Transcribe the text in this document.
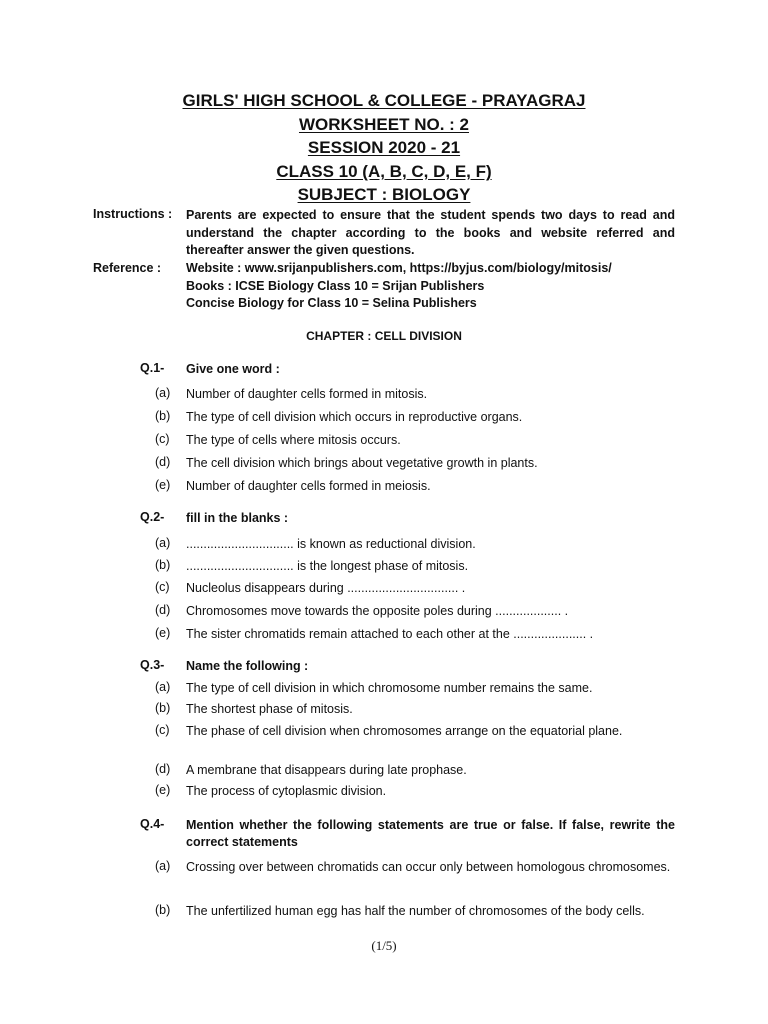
GIRLS' HIGH SCHOOL & COLLEGE - PRAYAGRAJ
WORKSHEET NO. : 2
SESSION 2020 - 21
CLASS 10 (A, B, C, D, E, F)
SUBJECT : BIOLOGY
Instructions : Parents are expected to ensure that the student spends two days to read and understand the chapter according to the books and website referred and thereafter answer the given questions.
Reference : Website : www.srijanpublishers.com, https://byjus.com/biology/mitosis/
Books : ICSE Biology Class 10 = Srijan Publishers
Concise Biology for Class 10 = Selina Publishers
CHAPTER : CELL DIVISION
Q.1- Give one word :
(a) Number of daughter cells formed in mitosis.
(b) The type of cell division which occurs in reproductive organs.
(c) The type of cells where mitosis occurs.
(d) The cell division which brings about vegetative growth in plants.
(e) Number of daughter cells formed in meiosis.
Q.2- fill in the blanks :
(a) ............................... is known as reductional division.
(b) ............................... is the longest phase of mitosis.
(c) Nucleolus disappears during ................................ .
(d) Chromosomes move towards the opposite poles during ................... .
(e) The sister chromatids remain attached to each other at the ..................... .
Q.3- Name the following :
(a) The type of cell division in which chromosome number remains the same.
(b) The shortest phase of mitosis.
(c) The phase of cell division when chromosomes arrange on the equatorial plane.
(d) A membrane that disappears during late prophase.
(e) The process of cytoplasmic division.
Q.4- Mention whether the following statements are true or false. If false, rewrite the correct statements
(a) Crossing over between chromatids can occur only between homologous chromosomes.
(b) The unfertilized human egg has half the number of chromosomes of the body cells.
(1/5)
